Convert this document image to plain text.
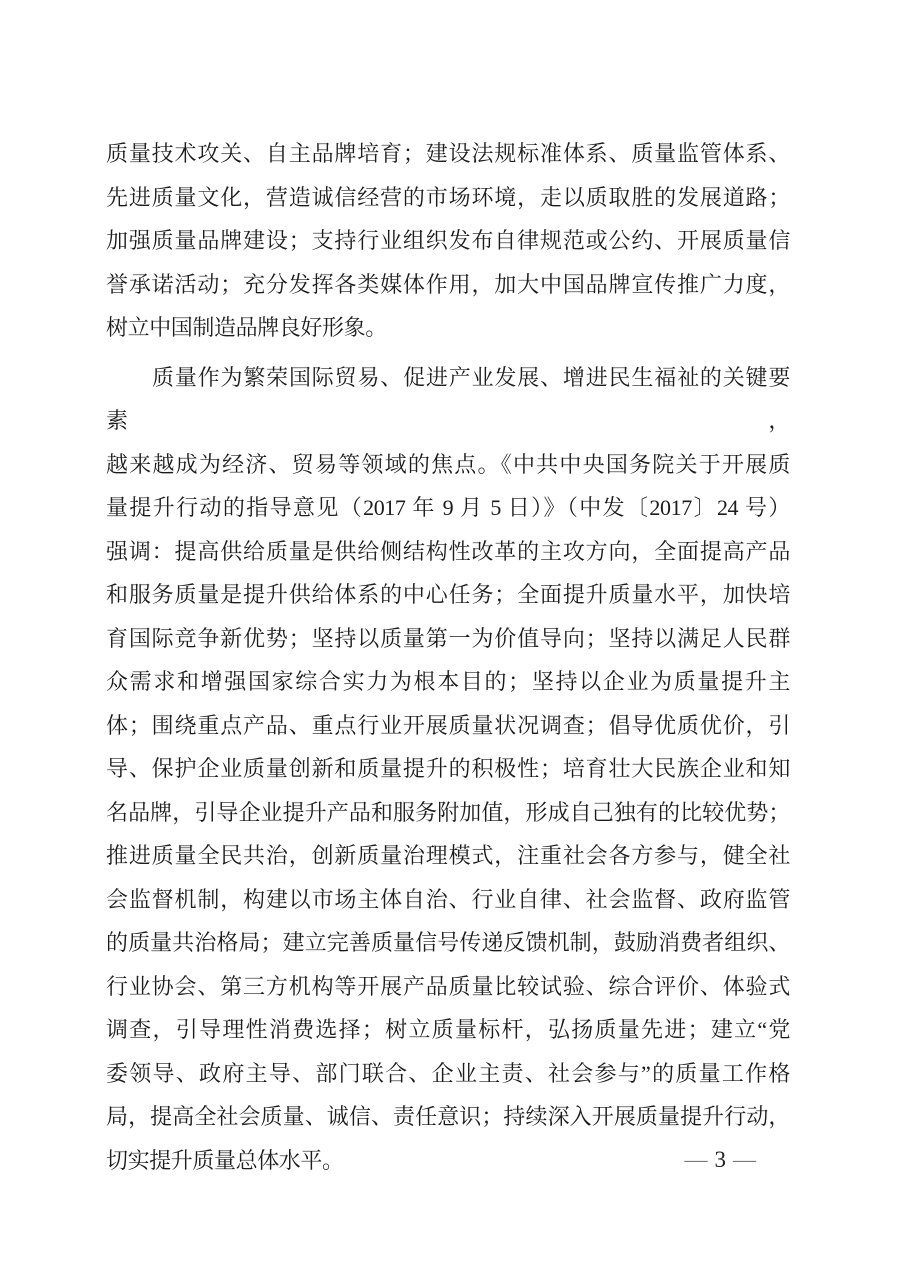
质量技术攻关、自主品牌培育；建设法规标准体系、质量监管体系、
先进质量文化，营造诚信经营的市场环境，走以质取胜的发展道路；
加强质量品牌建设；支持行业组织发布自律规范或公约、开展质量信
誉承诺活动；充分发挥各类媒体作用，加大中国品牌宣传推广力度，
树立中国制造品牌良好形象。
质量作为繁荣国际贸易、促进产业发展、增进民生福祉的关键要素，
越来越成为经济、贸易等领域的焦点。《中共中央国务院关于开展质
量提升行动的指导意见（2017 年 9 月 5 日）》（中发〔2017〕24 号）
强调：提高供给质量是供给侧结构性改革的主攻方向，全面提高产品
和服务质量是提升供给体系的中心任务；全面提升质量水平，加快培
育国际竞争新优势；坚持以质量第一为价值导向；坚持以满足人民群
众需求和增强国家综合实力为根本目的；坚持以企业为质量提升主
体；围绕重点产品、重点行业开展质量状况调查；倡导优质优价，引
导、保护企业质量创新和质量提升的积极性；培育壮大民族企业和知
名品牌，引导企业提升产品和服务附加值，形成自己独有的比较优势；
推进质量全民共治，创新质量治理模式，注重社会各方参与，健全社
会监督机制，构建以市场主体自治、行业自律、社会监督、政府监管
的质量共治格局；建立完善质量信号传递反馈机制，鼓励消费者组织、
行业协会、第三方机构等开展产品质量比较试验、综合评价、体验式
调查，引导理性消费选择；树立质量标杆，弘扬质量先进；建立“党
委领导、政府主导、部门联合、企业主责、社会参与”的质量工作格
局，提高全社会质量、诚信、责任意识；持续深入开展质量提升行动，
切实提升质量总体水平。	— 3 —
